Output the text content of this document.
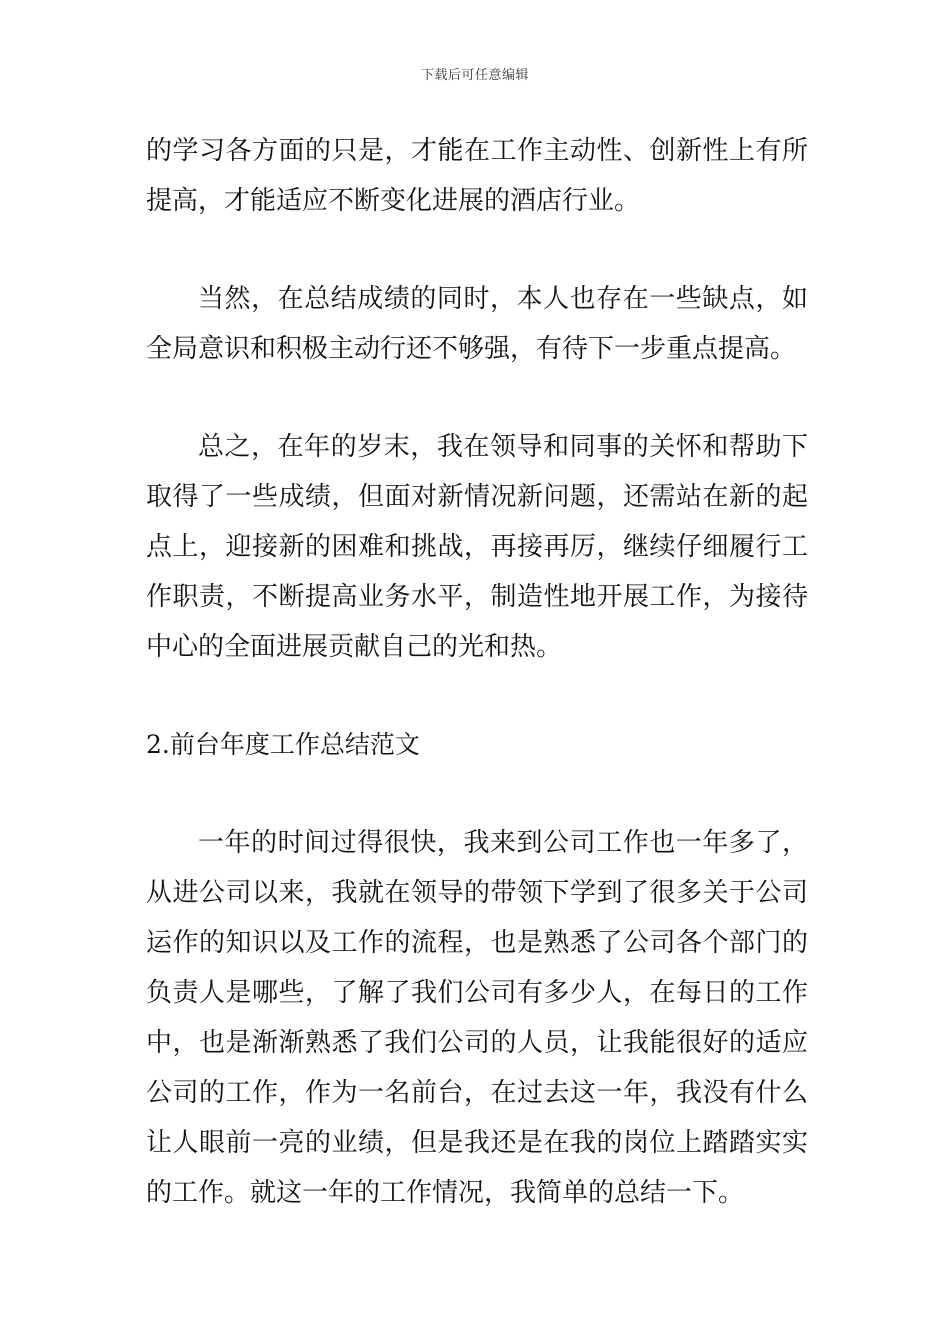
下载后可任意编辑

的学习各方面的只是，才能在工作主动性、创新性上有所提高，才能适应不断变化进展的酒店行业。

当然，在总结成绩的同时，本人也存在一些缺点，如全局意识和积极主动行还不够强，有待下一步重点提高。

总之，在年的岁末，我在领导和同事的关怀和帮助下取得了一些成绩，但面对新情况新问题，还需站在新的起点上，迎接新的困难和挑战，再接再厉，继续仔细履行工作职责，不断提高业务水平，制造性地开展工作，为接待中心的全面进展贡献自己的光和热。

2.前台年度工作总结范文

一年的时间过得很快，我来到公司工作也一年多了，从进公司以来，我就在领导的带领下学到了很多关于公司运作的知识以及工作的流程，也是熟悉了公司各个部门的负责人是哪些，了解了我们公司有多少人，在每日的工作中，也是渐渐熟悉了我们公司的人员，让我能很好的适应公司的工作，作为一名前台，在过去这一年，我没有什么让人眼前一亮的业绩，但是我还是在我的岗位上踏踏实实的工作。就这一年的工作情况，我简单的总结一下。
